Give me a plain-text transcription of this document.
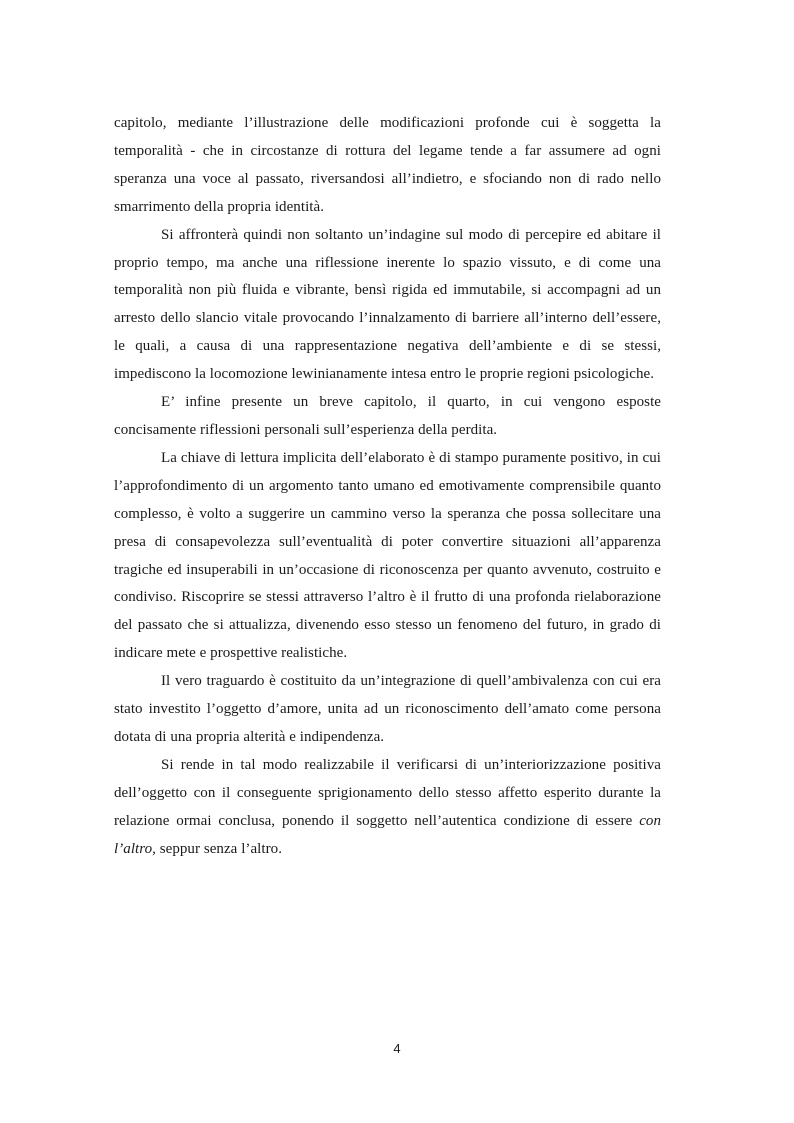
capitolo, mediante l’illustrazione delle modificazioni profonde cui è soggetta la temporalità - che in circostanze di rottura del legame tende a far assumere ad ogni speranza una voce al passato, riversandosi all’indietro, e sfociando non di rado nello smarrimento della propria identità.

Si affronterà quindi non soltanto un’indagine sul modo di percepire ed abitare il proprio tempo, ma anche una riflessione inerente lo spazio vissuto, e di come una temporalità non più fluida e vibrante, bensì rigida ed immutabile, si accompagni ad un arresto dello slancio vitale provocando l’innalzamento di barriere all’interno dell’essere, le quali, a causa di una rappresentazione negativa dell’ambiente e di se stessi, impediscono la locomozione lewinianamente intesa entro le proprie regioni psicologiche.

E’ infine presente un breve capitolo, il quarto, in cui vengono esposte concisamente riflessioni personali sull’esperienza della perdita.

La chiave di lettura implicita dell’elaborato è di stampo puramente positivo, in cui l’approfondimento di un argomento tanto umano ed emotivamente comprensibile quanto complesso, è volto a suggerire un cammino verso la speranza che possa sollecitare una presa di consapevolezza sull’eventualità di poter convertire situazioni all’apparenza tragiche ed insuperabili in un’occasione di riconoscenza per quanto avvenuto, costruito e condiviso. Riscoprire se stessi attraverso l’altro è il frutto di una profonda rielaborazione del passato che si attualizza, divenendo esso stesso un fenomeno del futuro, in grado di indicare mete e prospettive realistiche.

Il vero traguardo è costituito da un’integrazione di quell’ambivalenza con cui era stato investito l’oggetto d’amore, unita ad un riconoscimento dell’amato come persona dotata di una propria alterità e indipendenza.

Si rende in tal modo realizzabile il verificarsi di un’interiorizzazione positiva dell’oggetto con il conseguente sprigionamento dello stesso affetto esperito durante la relazione ormai conclusa, ponendo il soggetto nell’autentica condizione di essere con l’altro, seppur senza l’altro.

4
